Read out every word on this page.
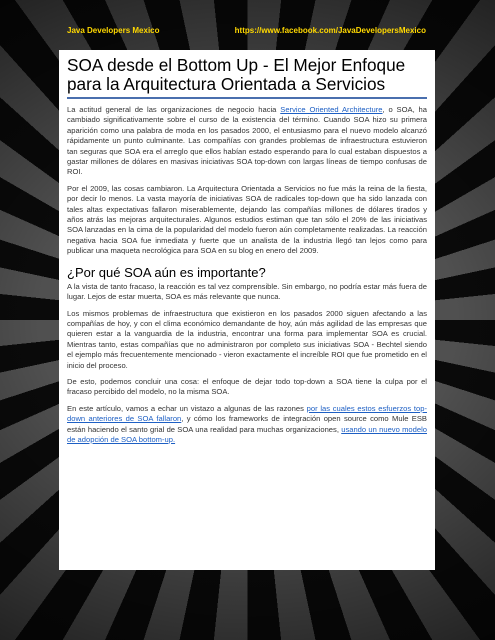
Java Developers Mexico	https://www.facebook.com/JavaDevelopersMexico
SOA desde el Bottom Up - El Mejor Enfoque para la Arquitectura Orientada a Servicios

La actitud general de las organizaciones de negocio hacia Service Oriented Architecture, o SOA, ha cambiado significativamente sobre el curso de la existencia del término. Cuando SOA hizo su primera aparición como una palabra de moda en los pasados 2000, el entusiasmo para el nuevo modelo alcanzó rápidamente un punto culminante. Las compañías con grandes problemas de infraestructura estuvieron tan seguras que SOA era el arreglo que ellos habían estado esperando para lo cual estaban dispuestos a gastar millones de dólares en masivas iniciativas SOA top-down con largas líneas de tiempo confusas de ROI.

Por el 2009, las cosas cambiaron. La Arquitectura Orientada a Servicios no fue más la reina de la fiesta, por decir lo menos. La vasta mayoría de iniciativas SOA de radicales top-down que ha sido lanzada con tales altas expectativas fallaron miserablemente, dejando las compañías millones de dólares tirados y años atrás las mejoras arquitecturales. Algunos estudios estiman que tan sólo el 20% de las iniciativas SOA lanzadas en la cima de la popularidad del modelo fueron aún completamente realizadas. La reacción negativa hacia SOA fue inmediata y fuerte que un analista de la industria llegó tan lejos como para publicar una maqueta necrológica para SOA en su blog en enero del 2009.

¿Por qué SOA aún es importante?

A la vista de tanto fracaso, la reacción es tal vez comprensible. Sin embargo, no podría estar más fuera de lugar. Lejos de estar muerta, SOA es más relevante que nunca.

Los mismos problemas de infraestructura que existieron en los pasados 2000 siguen afectando a las compañías de hoy, y con el clima económico demandante de hoy, aún más agilidad de las empresas que quieren estar a la vanguardia de la industria, encontrar una forma para implementar SOA es crucial. Mientras tanto, estas compañías que no administraron por completo sus iniciativas SOA - Bechtel siendo el ejemplo más frecuentemente mencionado - vieron exactamente el increíble ROI que fue prometido en el inicio del proceso.

De esto, podemos concluir una cosa: el enfoque de dejar todo top-down a SOA tiene la culpa por el fracaso percibido del modelo, no la misma SOA.

En este artículo, vamos a echar un vistazo a algunas de las razones por las cuales estos esfuerzos top-down anteriores de SOA fallaron, y cómo los frameworks de integración open source como Mule ESB están haciendo el santo grial de SOA una realidad para muchas organizaciones, usando un nuevo modelo de adopción de SOA bottom-up.
